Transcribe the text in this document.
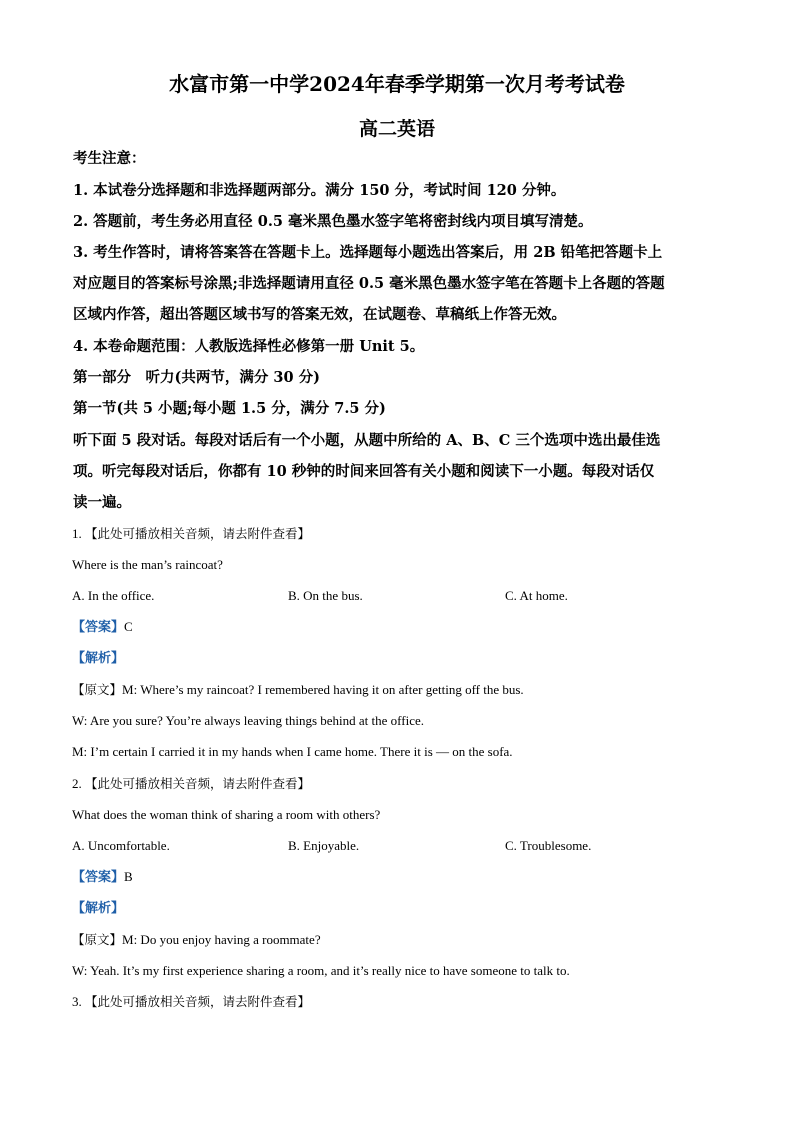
水富市第一中学2024年春季学期第一次月考考试卷
高二英语
考生注意：
1. 本试卷分选择题和非选择题两部分。满分 150 分，考试时间 120 分钟。
2. 答题前，考生务必用直径 0.5 毫米黑色墨水签字笔将密封线内项目填写清楚。
3. 考生作答时，请将答案答在答题卡上。选择题每小题选出答案后，用 2B 铅笔把答题卡上
对应题目的答案标号涂黑;非选择题请用直径 0.5 毫米黑色墨水签字笔在答题卡上各题的答题
区域内作答，超出答题区域书写的答案无效，在试题卷、草稿纸上作答无效。
4. 本卷命题范围：人教版选择性必修第一册 Unit 5。
第一部分　听力(共两节，满分 30 分)
第一节(共 5 小题;每小题 1.5 分，满分 7.5 分)
听下面 5 段对话。每段对话后有一个小题，从题中所给的 A、B、C 三个选项中选出最佳选
项。听完每段对话后，你都有 10 秒钟的时间来回答有关小题和阅读下一小题。每段对话仅
读一遍。
1. 【此处可播放相关音频，请去附件查看】
Where is the man’s raincoat?
A. In the office.	B. On the bus.	C. At home.
【答案】C
【解析】
【原文】M: Where’s my raincoat? I remembered having it on after getting off the bus.
W: Are you sure? You’re always leaving things behind at the office.
M: I’m certain I carried it in my hands when I came home. There it is — on the sofa.
2. 【此处可播放相关音频，请去附件查看】
What does the woman think of sharing a room with others?
A. Uncomfortable.	B. Enjoyable.	C. Troublesome.
【答案】B
【解析】
【原文】M: Do you enjoy having a roommate?
W: Yeah. It’s my first experience sharing a room, and it’s really nice to have someone to talk to.
3. 【此处可播放相关音频，请去附件查看】
